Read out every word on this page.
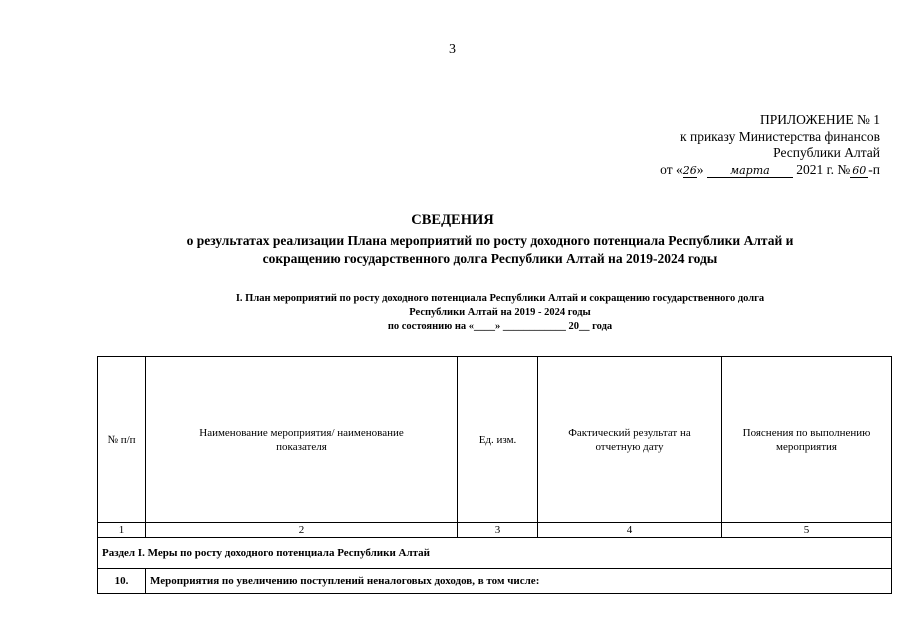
3
ПРИЛОЖЕНИЕ № 1
к приказу Министерства финансов
Республики Алтай
от «26» марта 2021 г. № 60 -п
СВЕДЕНИЯ
о результатах реализации Плана мероприятий по росту доходного потенциала Республики Алтай и
сокращению государственного долга Республики Алтай на 2019-2024 годы
I. План мероприятий по росту доходного потенциала Республики Алтай и сокращению государственного долга
Республики Алтай на 2019 - 2024 годы
по состоянию на «____» ____________ 20__ года
№ п/п	Наименование мероприятия/ наименование показателя	Ед. изм.	Фактический результат на отчетную дату	Пояснения по выполнению мероприятия
1	2	3	4	5
Раздел I. Меры по росту доходного потенциала Республики Алтай				
10.	Мероприятия по увеличению поступлений неналоговых доходов, в том числе:			
